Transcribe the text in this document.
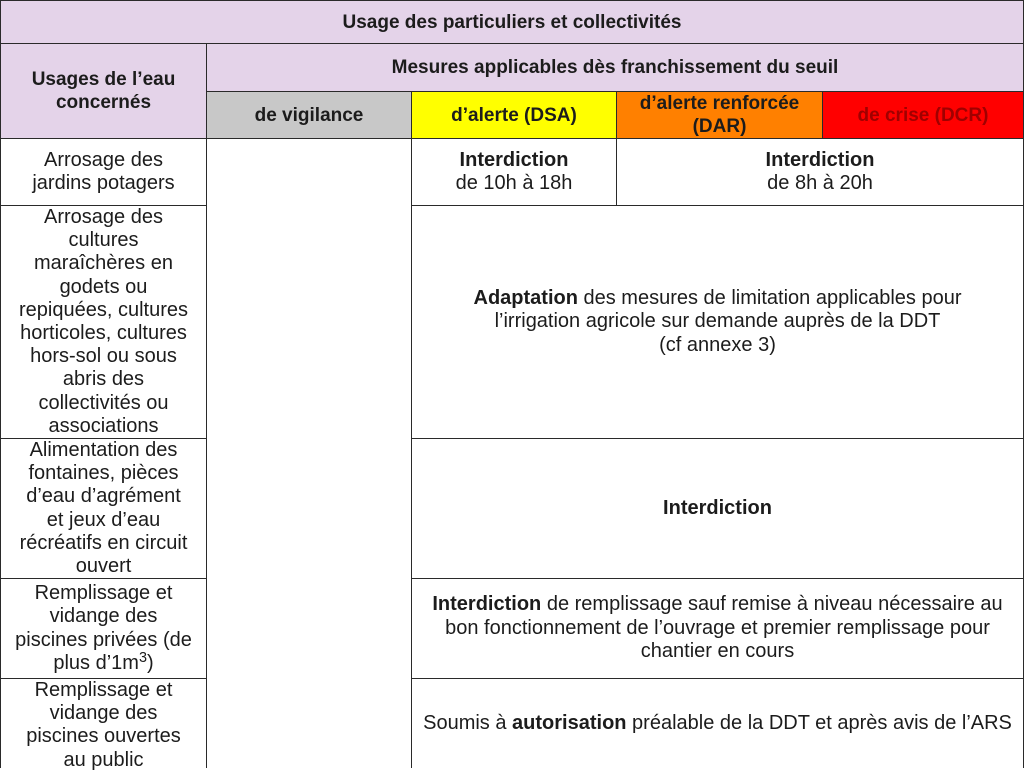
Usage des particuliers et collectivités
Usages de l’eau
concernés
Mesures applicables dès franchissement du seuil
de vigilance	d’alerte (DSA)
d’alerte renforcée
(DAR)
de crise (DCR)
Arrosage des
jardins potagers
Interdiction
de 10h à 18h
Interdiction
de 8h à 20h
Arrosage des
cultures
maraîchères en
godets ou
repiquées, cultures
horticoles, cultures
hors-sol ou sous
abris des
collectivités ou
associations
Adaptation des mesures de limitation applicables pour
l’irrigation agricole sur demande auprès de la DDT
(cf annexe 3)
Alimentation des
fontaines, pièces
d’eau d’agrément
et jeux d’eau
récréatifs en circuit
ouvert
Interdiction
Remplissage et
vidange des
piscines privées (de
plus $d’1m^3$)
Interdiction de remplissage sauf remise à niveau nécessaire au
bon fonctionnement de l’ouvrage et premier remplissage pour
chantier en cours
Remplissage et
vidange des
piscines ouvertes
au public
Soumis à autorisation préalable de la DDT et après avis de l’ARS
